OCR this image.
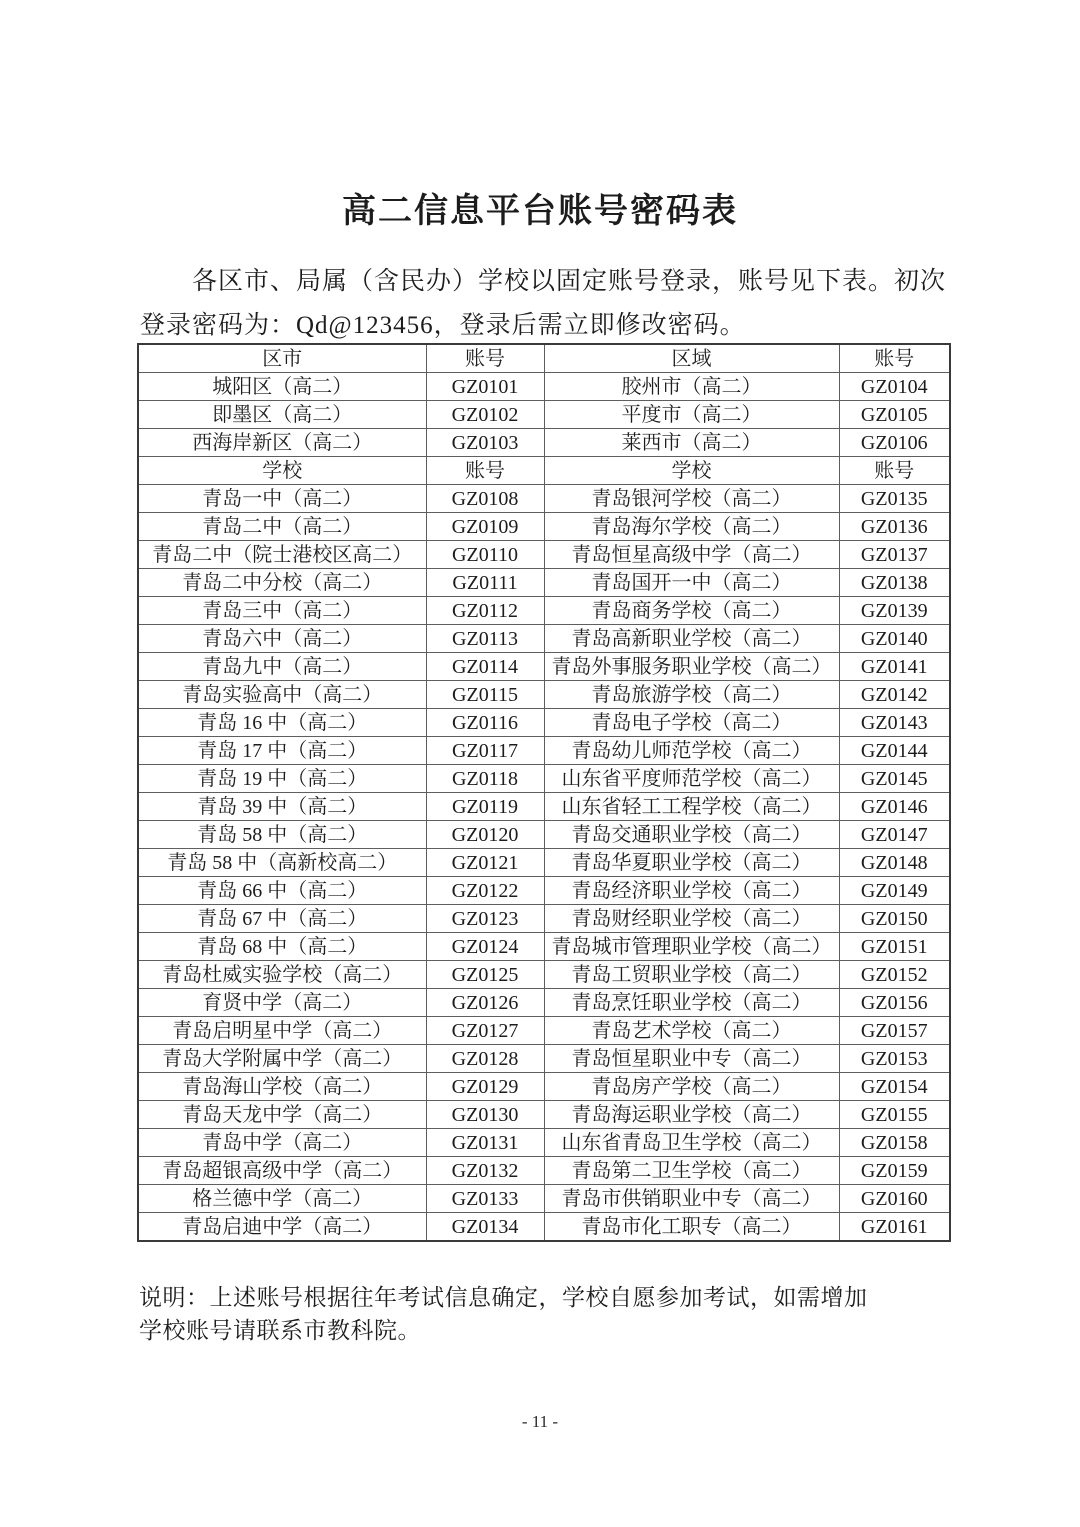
高二信息平台账号密码表
各区市、局属（含民办）学校以固定账号登录，账号见下表。初次
登录密码为：Qd@123456，登录后需立即修改密码。
区市	账号	区域	账号
城阳区（高二）	GZ0101	胶州市（高二）	GZ0104
即墨区（高二）	GZ0102	平度市（高二）	GZ0105
西海岸新区（高二）	GZ0103	莱西市（高二）	GZ0106
学校	账号	学校	账号
青岛一中（高二）	GZ0108	青岛银河学校（高二）	GZ0135
青岛二中（高二）	GZ0109	青岛海尔学校（高二）	GZ0136
青岛二中（院士港校区高二）	GZ0110	青岛恒星高级中学（高二）	GZ0137
青岛二中分校（高二）	GZ0111	青岛国开一中（高二）	GZ0138
青岛三中（高二）	GZ0112	青岛商务学校（高二）	GZ0139
青岛六中（高二）	GZ0113	青岛高新职业学校（高二）	GZ0140
青岛九中（高二）	GZ0114	青岛外事服务职业学校（高二）	GZ0141
青岛实验高中（高二）	GZ0115	青岛旅游学校（高二）	GZ0142
青岛 16 中（高二）	GZ0116	青岛电子学校（高二）	GZ0143
青岛 17 中（高二）	GZ0117	青岛幼儿师范学校（高二）	GZ0144
青岛 19 中（高二）	GZ0118	山东省平度师范学校（高二）	GZ0145
青岛 39 中（高二）	GZ0119	山东省轻工工程学校（高二）	GZ0146
青岛 58 中（高二）	GZ0120	青岛交通职业学校（高二）	GZ0147
青岛 58 中（高新校高二）	GZ0121	青岛华夏职业学校（高二）	GZ0148
青岛 66 中（高二）	GZ0122	青岛经济职业学校（高二）	GZ0149
青岛 67 中（高二）	GZ0123	青岛财经职业学校（高二）	GZ0150
青岛 68 中（高二）	GZ0124	青岛城市管理职业学校（高二）	GZ0151
青岛杜威实验学校（高二）	GZ0125	青岛工贸职业学校（高二）	GZ0152
育贤中学（高二）	GZ0126	青岛烹饪职业学校（高二）	GZ0156
青岛启明星中学（高二）	GZ0127	青岛艺术学校（高二）	GZ0157
青岛大学附属中学（高二）	GZ0128	青岛恒星职业中专（高二）	GZ0153
青岛海山学校（高二）	GZ0129	青岛房产学校（高二）	GZ0154
青岛天龙中学（高二）	GZ0130	青岛海运职业学校（高二）	GZ0155
青岛中学（高二）	GZ0131	山东省青岛卫生学校（高二）	GZ0158
青岛超银高级中学（高二）	GZ0132	青岛第二卫生学校（高二）	GZ0159
格兰德中学（高二）	GZ0133	青岛市供销职业中专（高二）	GZ0160
青岛启迪中学（高二）	GZ0134	青岛市化工职专（高二）	GZ0161
说明：上述账号根据往年考试信息确定，学校自愿参加考试，如需增加
学校账号请联系市教科院。
- 11 -
